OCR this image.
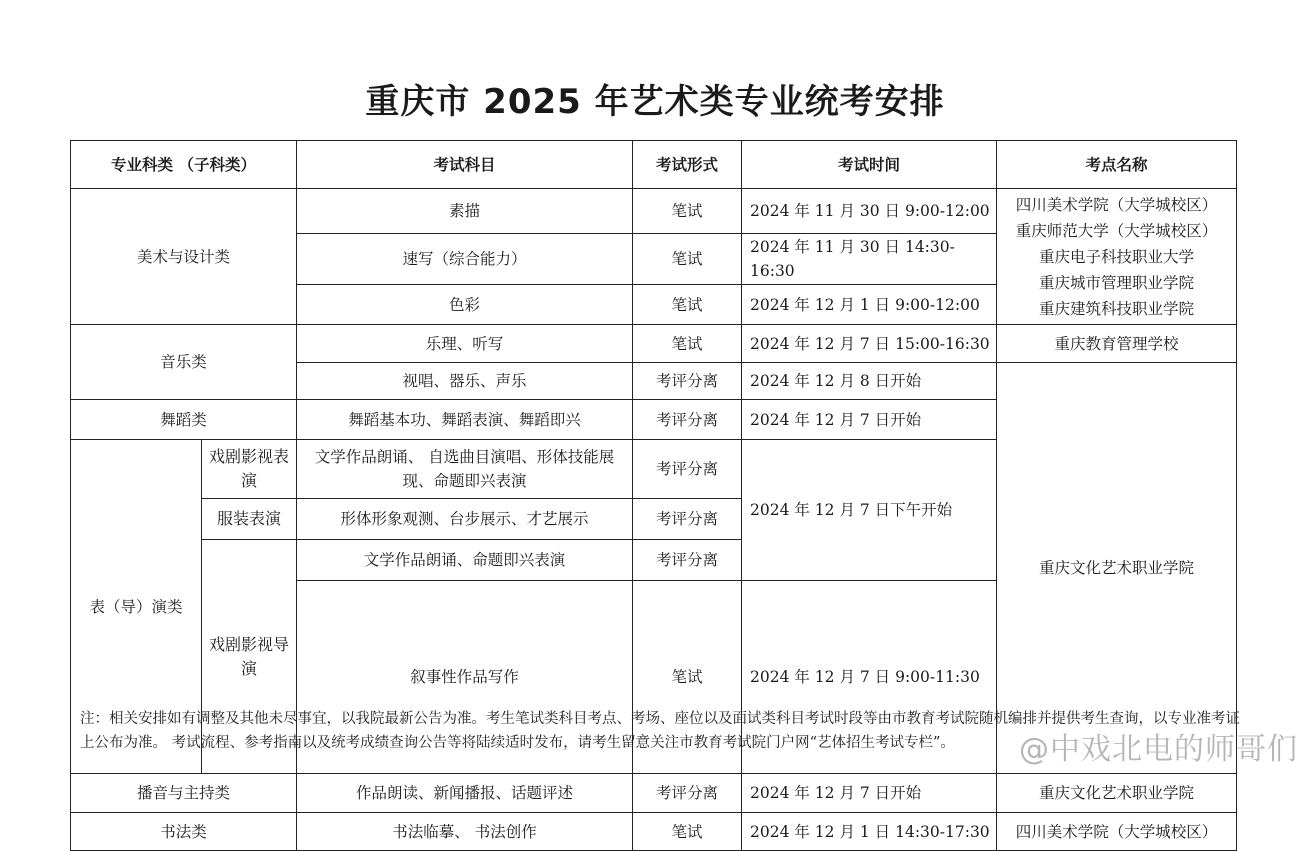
重庆市 2025 年艺术类专业统考安排
专业科类 （子科类）		考试科目	考试形式	考试时间	考点名称	
美术与设计类		素描	笔试	2024 年 11 月 30 日 9:00-12:00	四川美术学院（大学城校区）
重庆师范大学（大学城校区）
重庆电子科技职业大学
重庆城市管理职业学院
重庆建筑科技职业学院	

		速写（综合能力）	笔试	2024 年 11 月 30 日 14:30-16:30		
		色彩	笔试	2024 年 12 月 1 日 9:00-12:00		
音乐类		乐理、听写	笔试	2024 年 12 月 7 日 15:00-16:30	重庆教育管理学校	
		视唱、器乐、声乐	考评分离	2024 年 12 月 8 日开始	重庆文化艺术职业学院	
舞蹈类		舞蹈基本功、舞蹈表演、舞蹈即兴	考评分离	2024 年 12 月 7 日开始		
表（导）演类	戏剧影视表演	文学作品朗诵、 自选曲目演唱、形体技能展现、命题即兴表演	考评分离	2024 年 12 月 7 日下午开始		
	服装表演	形体形象观测、台步展示、才艺展示	考评分离			
	戏剧影视导演	文学作品朗诵、命题即兴表演	考评分离			
		叙事性作品写作	笔试	2024 年 12 月 7 日 9:00-11:30	
播音与主持类		作品朗读、新闻播报、话题评述	考评分离	2024 年 12 月 7 日开始	重庆文化艺术职业学院	
书法类		书法临摹、 书法创作	笔试	2024 年 12 月 1 日 14:30-17:30	四川美术学院（大学城校区）	
注：相关安排如有调整及其他未尽事宜，以我院最新公告为准。考生笔试类科目考点、考场、座位以及面试类科目考试时段等由市教育考试院随机编排并提供考生查询，以专业准考证上公布为准。 考试流程、参考指南以及统考成绩查询公告等将陆续适时发布，请考生留意关注市教育考试院门户网“艺体招生考试专栏”。	@中戏北电的师哥们
